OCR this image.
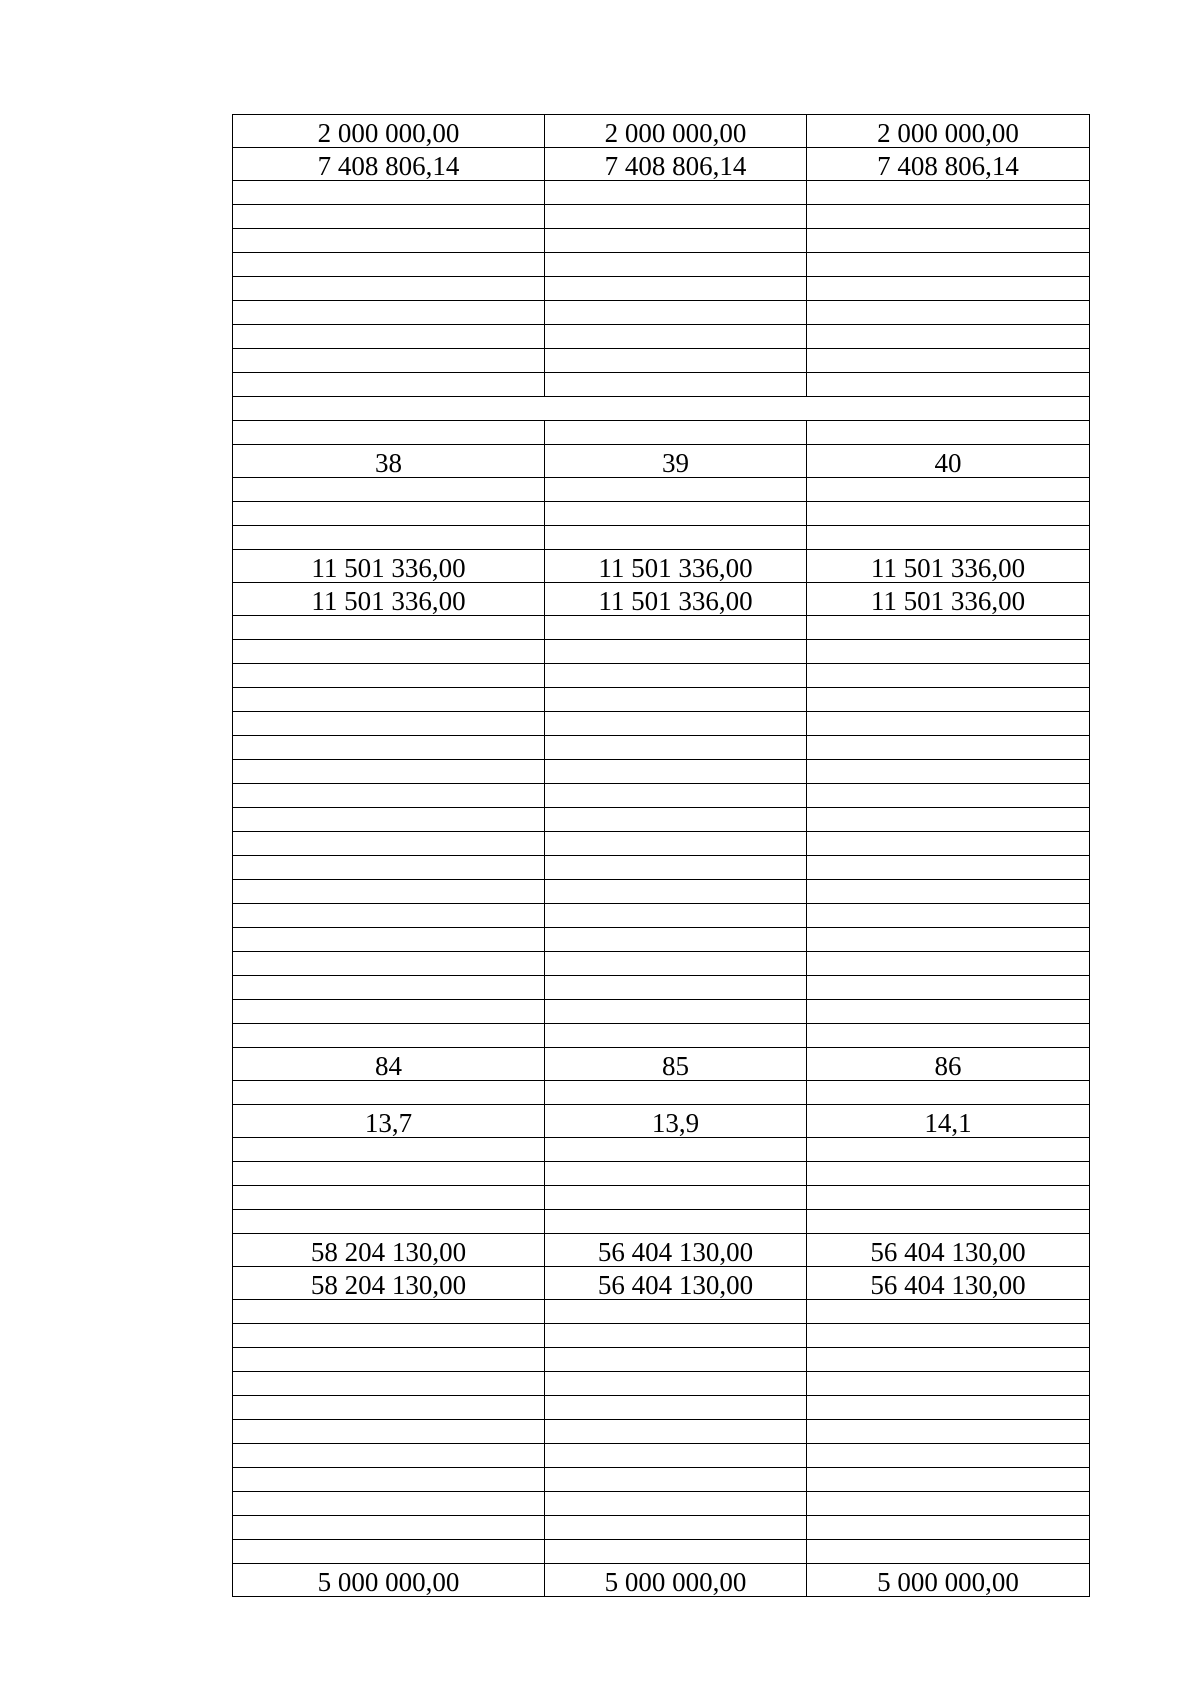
2 000 000,00	2 000 000,00	2 000 000,00
7 408 806,14	7 408 806,14	7 408 806,14

38	39	40

11 501 336,00	11 501 336,00	11 501 336,00
11 501 336,00	11 501 336,00	11 501 336,00

84	85	86

13,7	13,9	14,1

58 204 130,00	56 404 130,00	56 404 130,00
58 204 130,00	56 404 130,00	56 404 130,00

5 000 000,00	5 000 000,00	5 000 000,00
